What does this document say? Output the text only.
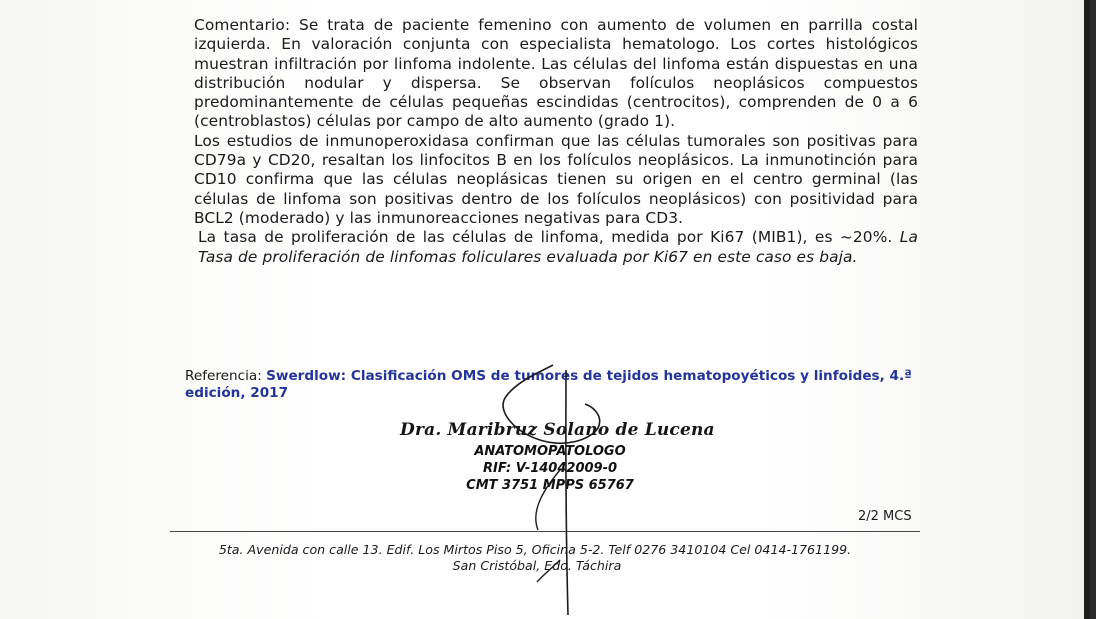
Comentario: Se trata de paciente femenino con aumento de volumen en parrilla costal izquierda. En valoración conjunta con especialista hematologo. Los cortes histológicos muestran infiltración por linfoma indolente. Las células del linfoma están dispuestas en una distribución nodular y dispersa. Se observan folículos neoplásicos compuestos predominantemente de células pequeñas escindidas (centrocitos), comprenden de 0 a 6 (centroblastos) células por campo de alto aumento (grado 1).

Los estudios de inmunoperoxidasa confirman que las células tumorales son positivas para CD79a y CD20, resaltan los linfocitos B en los folículos neoplásicos. La inmunotinción para CD10 confirma que las células neoplásicas tienen su origen en el centro germinal (las células de linfoma son positivas dentro de los folículos neoplásicos) con positividad para BCL2 (moderado) y las inmunoreacciones negativas para CD3.

La tasa de proliferación de las células de linfoma, medida por Ki67 (MIB1), es ~20%. La Tasa de proliferación de linfomas foliculares evaluada por Ki67 en este caso es baja.

Referencia: Swerdlow: Clasificación OMS de tumores de tejidos hematopoyéticos y linfoides, 4.ª edición, 2017
Dra. Maribruz Solano de Lucena
ANATOMOPATOLOGO
RIF: V-14042009-0
CMT 3751 MPPS 65767
2/2 MCS
5ta. Avenida con calle 13. Edif. Los Mirtos Piso 5, Oficina 5-2. Telf 0276 3410104 Cel 0414-1761199.
San Cristóbal, Edo. Táchira
